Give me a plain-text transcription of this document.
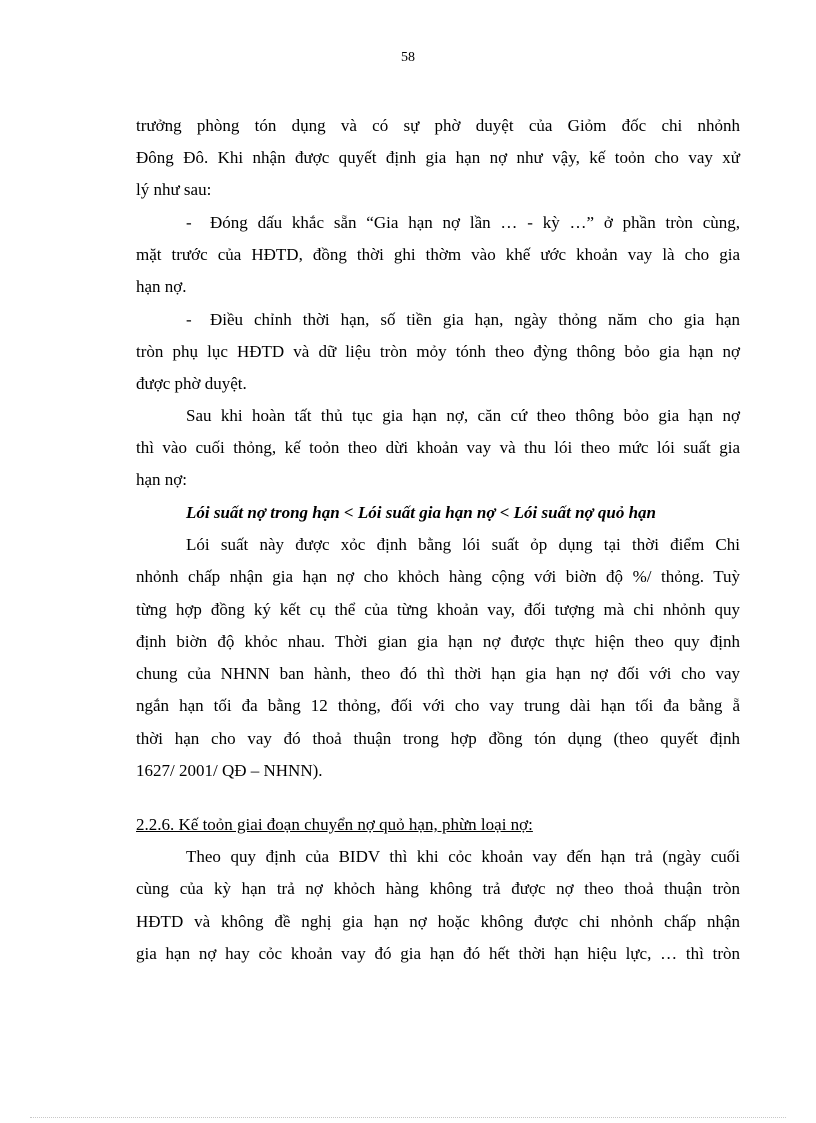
58

trưởng phòng tón dụng và có sự phờ duyệt của Giỏm đốc chi nhỏnh

Đông Đô. Khi nhận được quyết định gia hạn nợ như vậy, kế toỏn cho vay xử

lý như sau:

- Đóng dấu khắc sẵn “Gia hạn nợ lần … - kỳ …” ở phần tròn cùng,

mặt trước của HĐTD, đồng thời ghi thờm vào khế ước khoản vay là cho gia

hạn nợ.

- Điều chỉnh thời hạn, số tiền gia hạn, ngày thỏng năm cho gia hạn

tròn phụ lục HĐTD và dữ liệu tròn mỏy tónh theo đỳng thông bỏo gia hạn nợ

được phờ duyệt.

Sau khi hoàn tất thủ tục gia hạn nợ, căn cứ theo thông bỏo gia hạn nợ

thì vào cuối thỏng, kế toỏn theo dừi khoản vay và thu lói theo mức lói suất gia

hạn nợ:

Lói suất nợ trong hạn < Lói suất gia hạn nợ < Lói suất nợ quỏ hạn

Lói suất này được xỏc định bằng lói suất ỏp dụng tại thời điểm Chi

nhỏnh chấp nhận gia hạn nợ cho khỏch hàng cộng với biờn độ %/ thỏng. Tuỳ

từng hợp đồng ký kết cụ thể của từng khoản vay, đối tượng mà chi nhỏnh quy

định biờn độ khỏc nhau. Thời gian gia hạn nợ được thực hiện theo quy định

chung của NHNN ban hành, theo đó thì thời hạn gia hạn nợ đối với cho vay

ngắn hạn tối đa bằng 12 thỏng, đối với cho vay trung dài hạn tối đa bằng ẵ

thời hạn cho vay đó thoả thuận trong hợp đồng tón dụng (theo quyết định

1627/ 2001/ QĐ – NHNN).

2.2.6. Kế toỏn giai đoạn chuyển nợ quỏ hạn, phừn loại nợ:

Theo quy định của BIDV thì khi cỏc khoản vay đến hạn trả (ngày cuối

cùng của kỳ hạn trả nợ khỏch hàng không trả được nợ theo thoả thuận tròn

HĐTD và không đề nghị gia hạn nợ hoặc không được chi nhỏnh chấp nhận

gia hạn nợ hay cỏc khoản vay đó gia hạn đó hết thời hạn hiệu lực, … thì tròn
